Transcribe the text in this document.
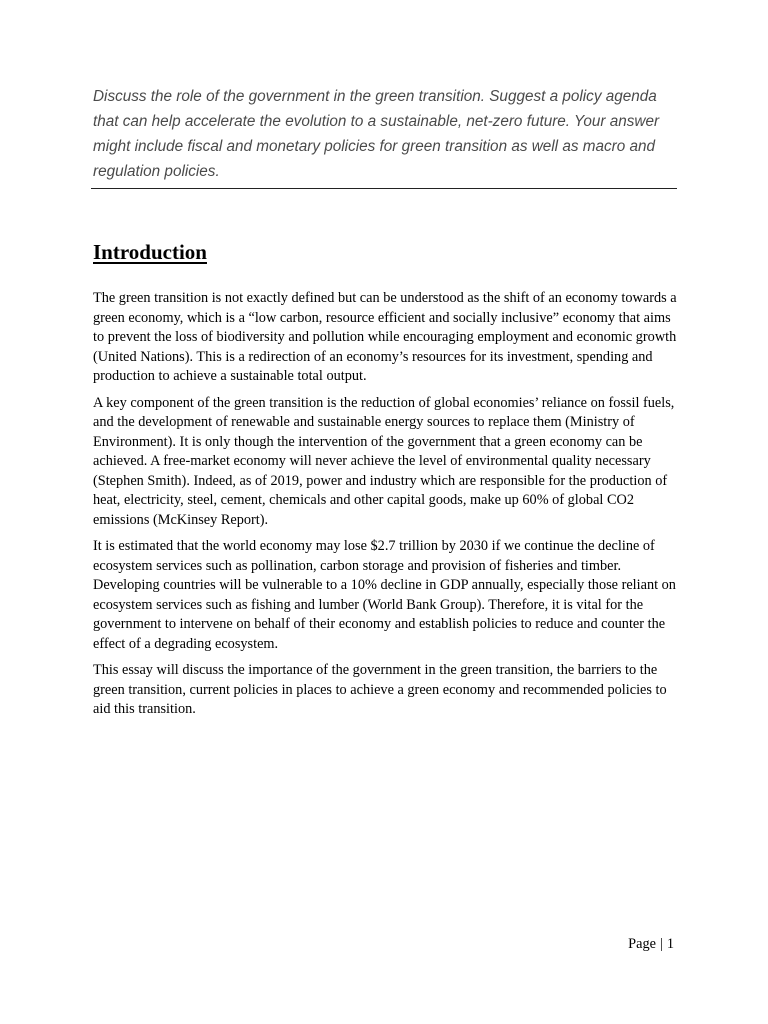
Discuss the role of the government in the green transition. Suggest a policy agenda that can help accelerate the evolution to a sustainable, net-zero future. Your answer might include fiscal and monetary policies for green transition as well as macro and regulation policies.

Introduction

The green transition is not exactly defined but can be understood as the shift of an economy towards a green economy, which is a “low carbon, resource efficient and socially inclusive” economy that aims to prevent the loss of biodiversity and pollution while encouraging employment and economic growth (United Nations). This is a redirection of an economy’s resources for its investment, spending and production to achieve a sustainable total output.

A key component of the green transition is the reduction of global economies’ reliance on fossil fuels, and the development of renewable and sustainable energy sources to replace them (Ministry of Environment). It is only though the intervention of the government that a green economy can be achieved. A free-market economy will never achieve the level of environmental quality necessary (Stephen Smith). Indeed, as of 2019, power and industry which are responsible for the production of heat, electricity, steel, cement, chemicals and other capital goods, make up 60% of global CO2 emissions (McKinsey Report).

It is estimated that the world economy may lose $2.7 trillion by 2030 if we continue the decline of ecosystem services such as pollination, carbon storage and provision of fisheries and timber. Developing countries will be vulnerable to a 10% decline in GDP annually, especially those reliant on ecosystem services such as fishing and lumber (World Bank Group). Therefore, it is vital for the government to intervene on behalf of their economy and establish policies to reduce and counter the effect of a degrading ecosystem.

This essay will discuss the importance of the government in the green transition, the barriers to the green transition, current policies in places to achieve a green economy and recommended policies to aid this transition.

Page | 1
